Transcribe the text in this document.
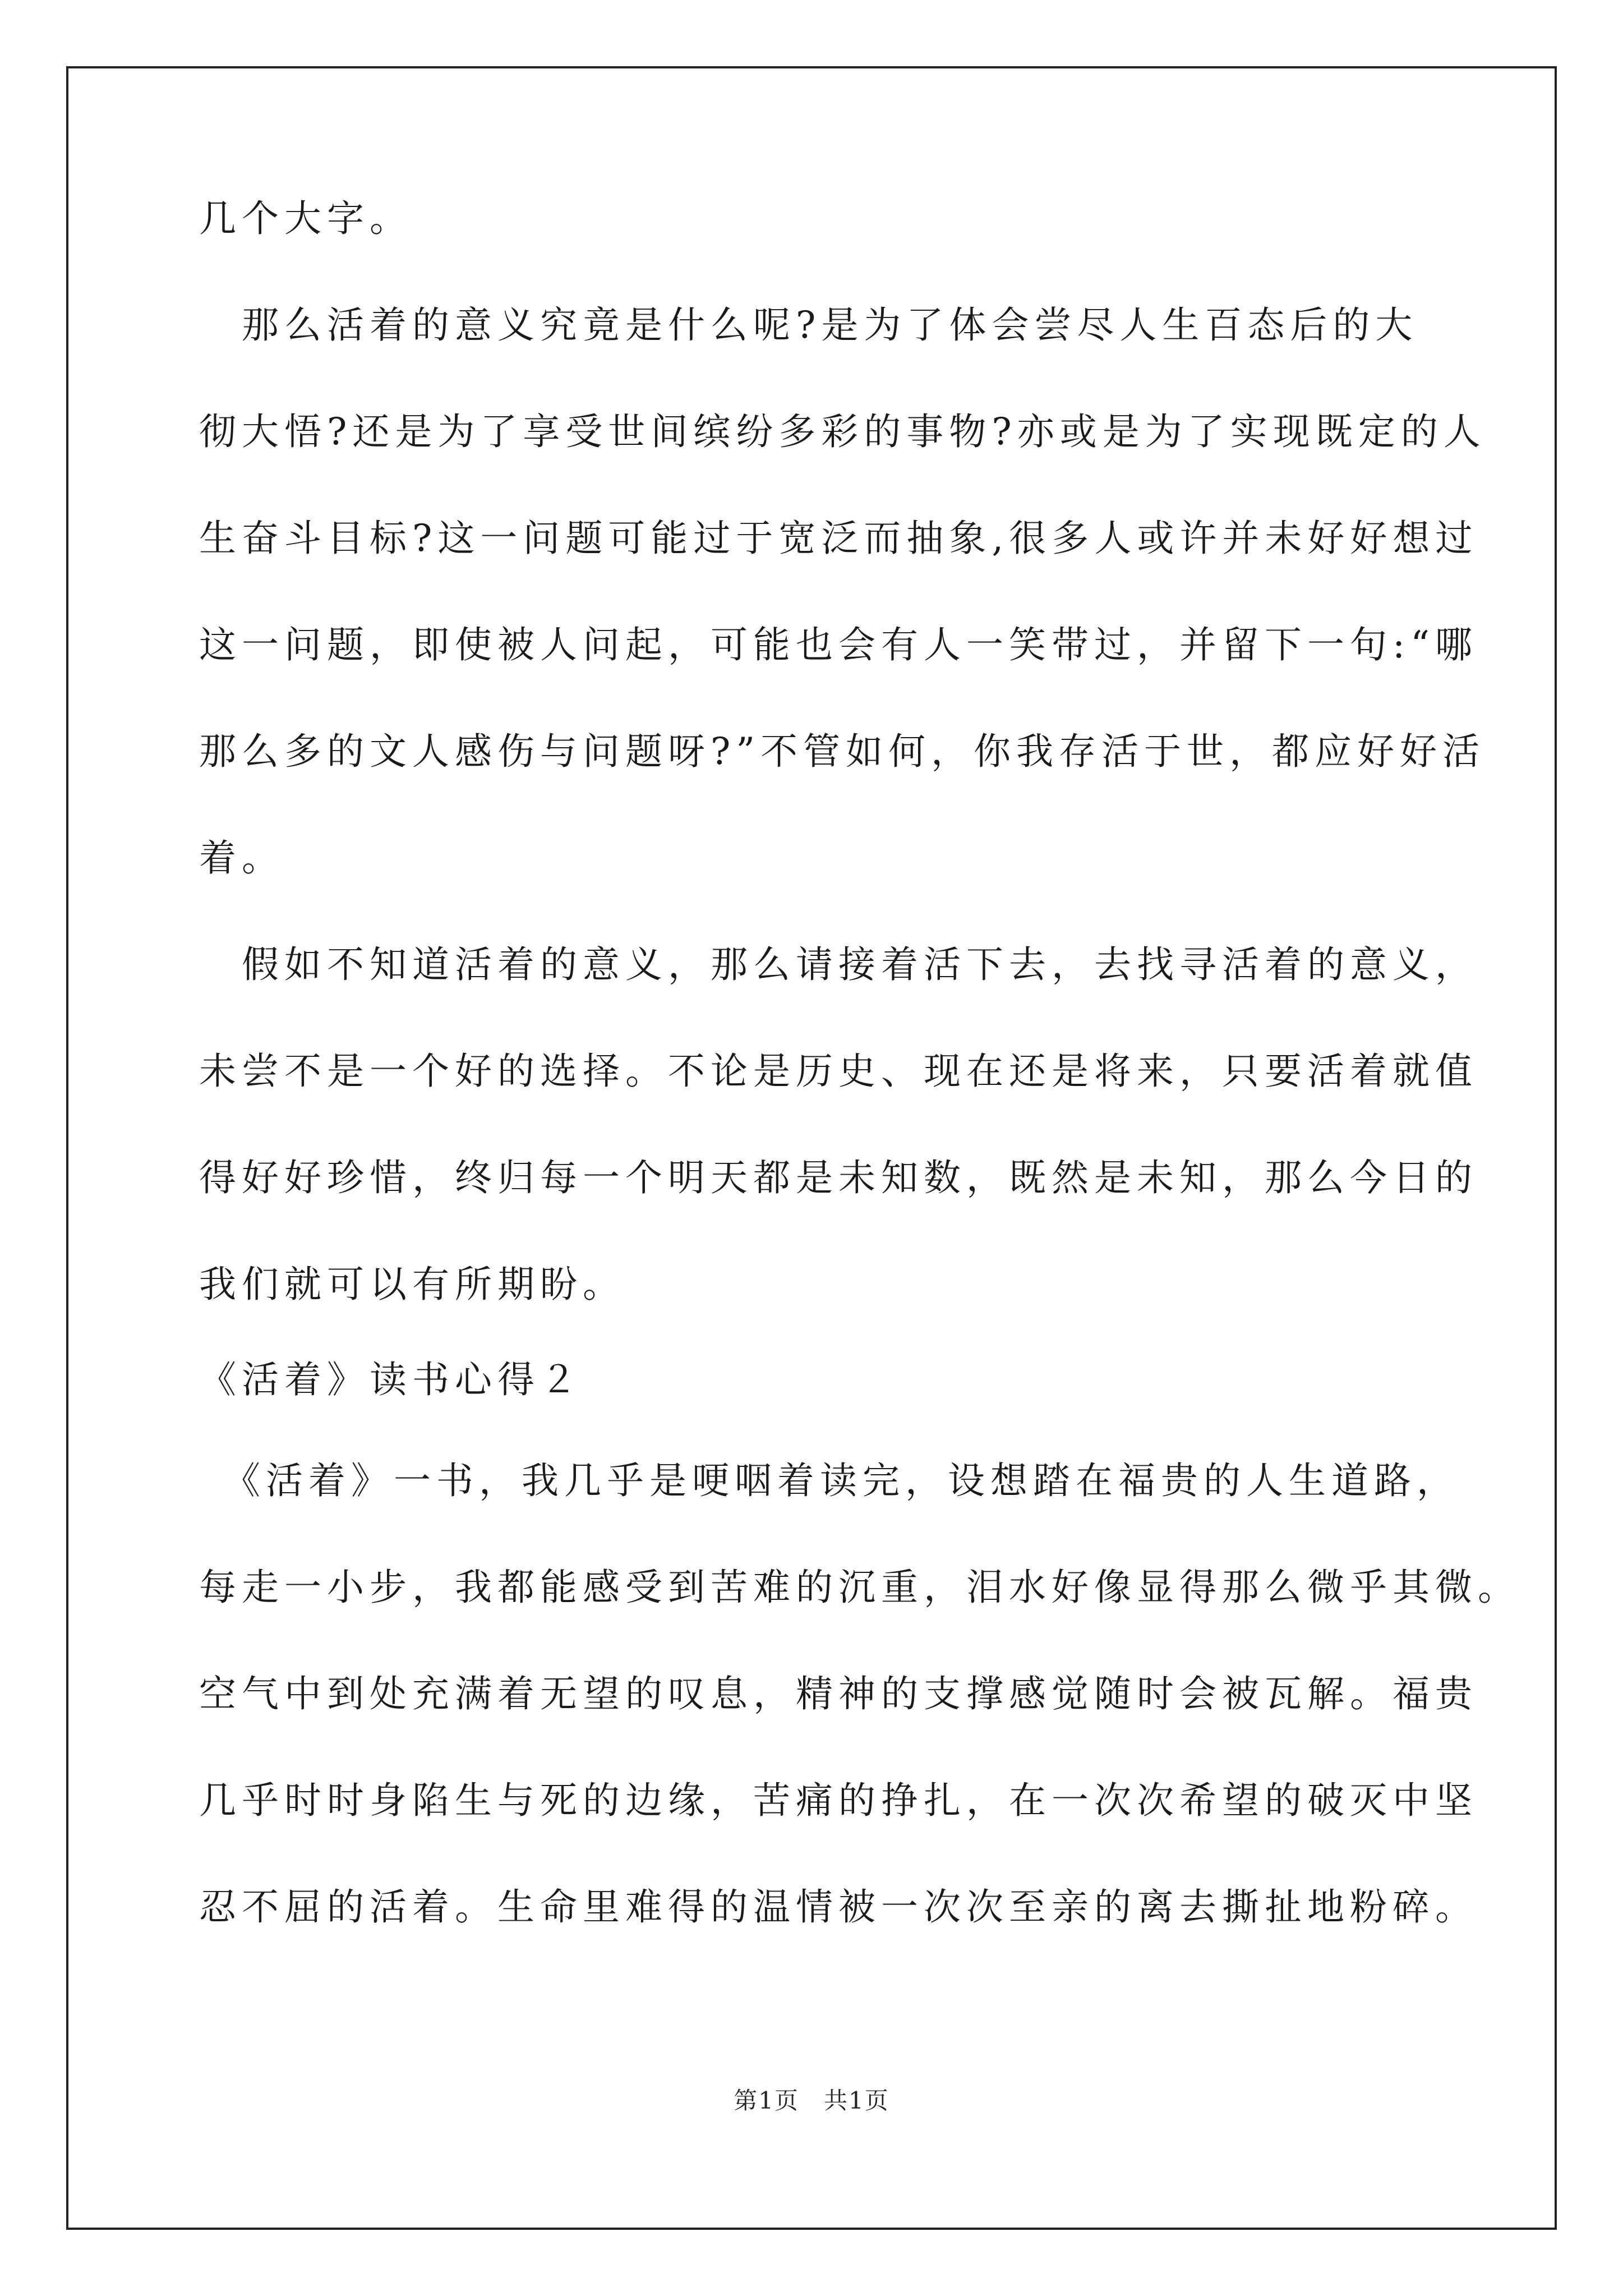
几个大字。
　那么活着的意义究竟是什么呢?是为了体会尝尽人生百态后的大
彻大悟?还是为了享受世间缤纷多彩的事物?亦或是为了实现既定的人
生奋斗目标?这一问题可能过于宽泛而抽象,很多人或许并未好好想过
这一问题，即使被人问起，可能也会有人一笑带过，并留下一句:“哪
那么多的文人感伤与问题呀?”不管如何，你我存活于世，都应好好活
着。
　假如不知道活着的意义，那么请接着活下去，去找寻活着的意义，
未尝不是一个好的选择。不论是历史、现在还是将来，只要活着就值
得好好珍惜，终归每一个明天都是未知数，既然是未知，那么今日的
我们就可以有所期盼。
《活着》读书心得２
　《活着》一书，我几乎是哽咽着读完，设想踏在福贵的人生道路，
每走一小步，我都能感受到苦难的沉重，泪水好像显得那么微乎其微。
空气中到处充满着无望的叹息，精神的支撑感觉随时会被瓦解。福贵
几乎时时身陷生与死的边缘，苦痛的挣扎，在一次次希望的破灭中坚
忍不屈的活着。生命里难得的温情被一次次至亲的离去撕扯地粉碎。
第1页　共1页
